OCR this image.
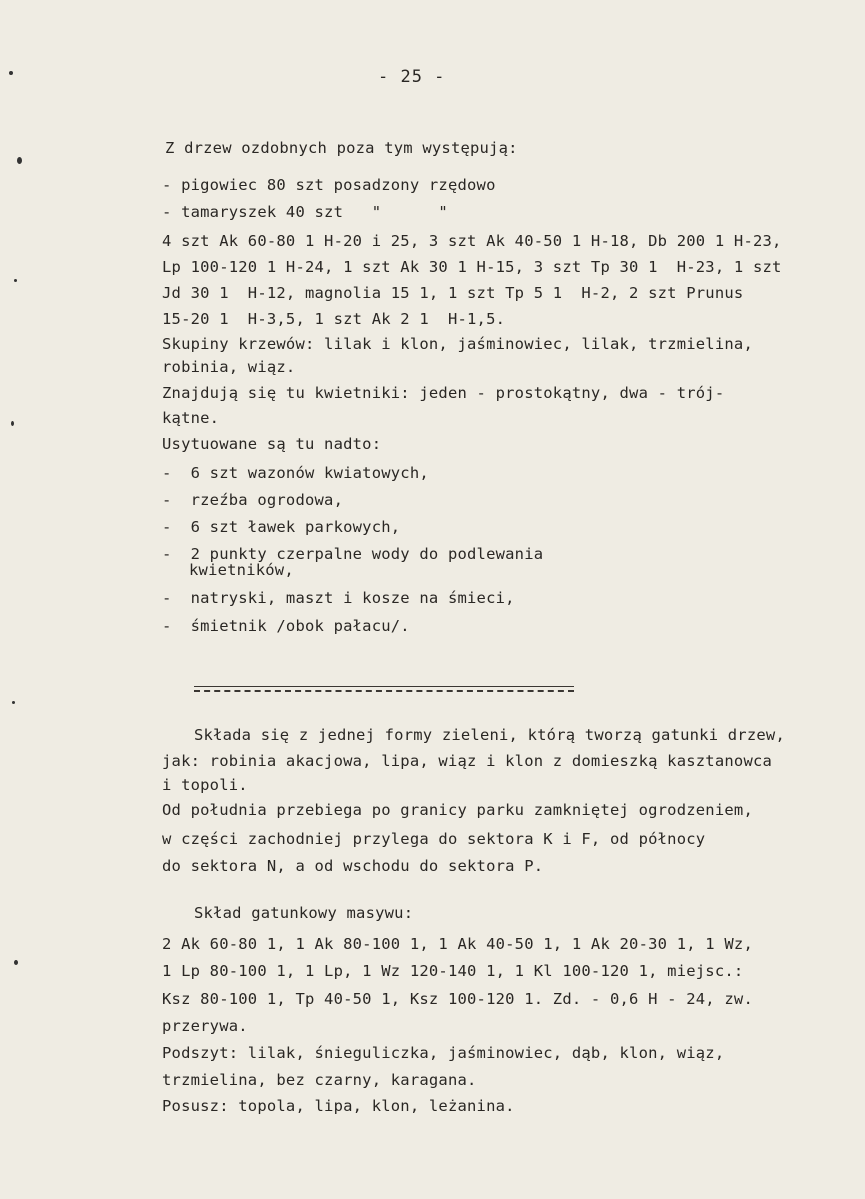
- 25 -
Z drzew ozdobnych poza tym występują:
- pigowiec 80 szt posadzony rzędowo
- tamaryszek 40 szt   "      "
4 szt Ak 60-80 1 H-20 i 25, 3 szt Ak 40-50 1 H-18, Db 200 1 H-23,
Lp 100-120 1 H-24, 1 szt Ak 30 1 H-15, 3 szt Tp 30 1  H-23, 1 szt
Jd 30 1  H-12, magnolia 15 1, 1 szt Tp 5 1  H-2, 2 szt Prunus
15-20 1  H-3,5, 1 szt Ak 2 1  H-1,5.
Skupiny krzewów: lilak i klon, jaśminowiec, lilak, trzmielina,
robinia, wiąz.
Znajdują się tu kwietniki: jeden - prostokątny, dwa - trój-
kątne.
Usytuowane są tu nadto:
-  6 szt wazonów kwiatowych,
-  rzeźba ogrodowa,
-  6 szt ławek parkowych,
-  2 punkty czerpalne wody do podlewania
kwietników,
-  natryski, maszt i kosze na śmieci,
-  śmietnik /obok pałacu/.
Składa się z jednej formy zieleni, którą tworzą gatunki drzew,
jak: robinia akacjowa, lipa, wiąz i klon z domieszką kasztanowca
i topoli.
Od południa przebiega po granicy parku zamkniętej ogrodzeniem,
w części zachodniej przylega do sektora K i F, od północy
do sektora N, a od wschodu do sektora P.
Skład gatunkowy masywu:
2 Ak 60-80 1, 1 Ak 80-100 1, 1 Ak 40-50 1, 1 Ak 20-30 1, 1 Wz,
1 Lp 80-100 1, 1 Lp, 1 Wz 120-140 1, 1 Kl 100-120 1, miejsc.:
Ksz 80-100 1, Tp 40-50 1, Ksz 100-120 1. Zd. - 0,6 H - 24, zw.
przerywa.
Podszyt: lilak, śnieguliczka, jaśminowiec, dąb, klon, wiąz,
trzmielina, bez czarny, karagana.
Posusz: topola, lipa, klon, leżanina.
